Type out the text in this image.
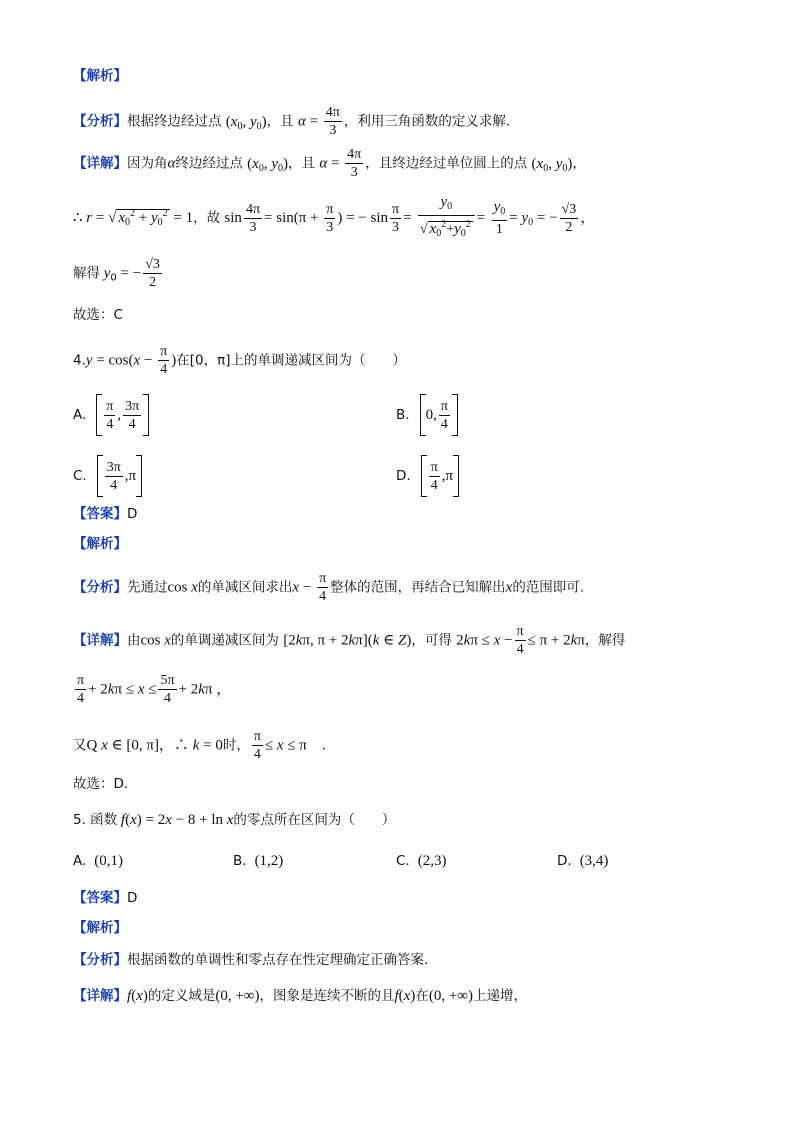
【解析】
【分析】根据终边经过点 ($x_0$, $y_0$)，且 $\alpha = \frac{4\pi}{3}$ ，利用三角函数的定义求解.
【详解】因为角α终边经过点 ($x_0$, $y_0$)，且 $\alpha = \frac{4\pi}{3}$ ，且终边经过单位圆上的点 ($x_0$, $y_0$)，
∴ r = √ $x_0^2 + y_0^2 = 1$，故 $\sin \frac{4\pi}{3} = \sin(\pi + \frac{\pi}{3}$ ) = − $\sin \frac{\pi}{3} = \frac{y_0}{√ x_0^2+y_0^2} = \frac{y_0}{1} = y_0$ = − $\frac{√3}{2}$ ，
解得 $y_0$ = − $\frac{√3}{2}$
故选：C
$4.y = \cos(x - \frac{\pi}{4}$ )在[0，π]上的单调递减区间为（　　）
A. $\frac{\pi}{4}$ , $\frac{3\pi}{4}$	B. 0, $\frac{\pi}{4}$
C. $\frac{3\pi}{4} ,\pi$	D. $\frac{\pi}{4} ,\pi$
【答案】D
【解析】
【分析】先通过cos x的单减区间求出$x - \frac{\pi}{4}$ 整体的范围，再结合已知解出x的范围即可.
【详解】由cos x的单调递减区间为 [2kπ, π + 2kπ](k ∈ Z)，可得 $2k\pi \le x - \frac{\pi}{4} \le \pi + 2k\pi$，解得
$\frac{\pi}{4} + 2k\pi \le x \le \frac{5\pi}{4} + 2k\pi$ ，
又Q x ∈ [0, π]，∴ k = 0时， $\frac{\pi}{4} \le x \le \pi$　.
故选：D.
5. 函数 f(x) = 2x − 8 + ln x的零点所在区间为（　　）
A. (0,1)	B. (1,2)	C. (2,3)	D. (3,4)
【答案】D
【解析】
【分析】根据函数的单调性和零点存在性定理确定正确答案.
【详解】f(x)的定义域是(0, +∞)，图象是连续不断的且f(x)在(0, +∞)上递增，
